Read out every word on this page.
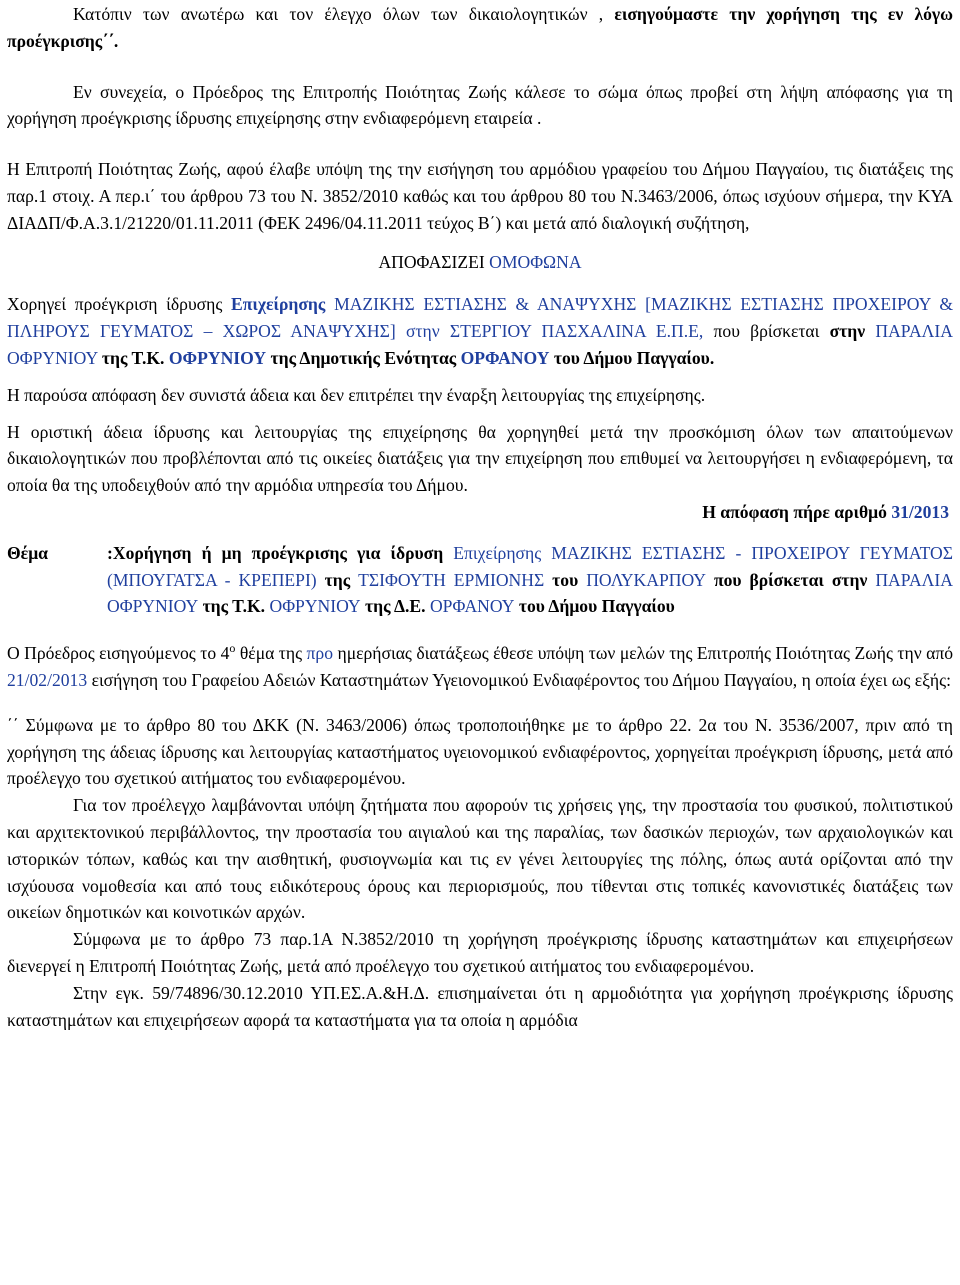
Κατόπιν των ανωτέρω και τον έλεγχο όλων των δικαιολογητικών , εισηγούμαστε την χορήγηση της εν λόγω προέγκρισης΄΄.

Εν συνεχεία, ο Πρόεδρος της Επιτροπής Ποιότητας Ζωής κάλεσε το σώμα όπως προβεί στη λήψη απόφασης για τη χορήγηση προέγκρισης ίδρυσης επιχείρησης στην ενδιαφερόμενη εταιρεία .

Η Επιτροπή Ποιότητας Ζωής, αφού έλαβε υπόψη της την εισήγηση του αρμόδιου γραφείου του Δήμου Παγγαίου, τις διατάξεις της παρ.1 στοιχ. Α περ.ι΄ του άρθρου 73 του Ν. 3852/2010 καθώς και του άρθρου 80 του Ν.3463/2006, όπως ισχύουν σήμερα, την ΚΥΑ ΔΙΑΔΠ/Φ.Α.3.1/21220/01.11.2011 (ΦΕΚ 2496/04.11.2011 τεύχος Β΄) και μετά από διαλογική συζήτηση,

ΑΠΟΦΑΣΙΖΕΙ ΟΜΟΦΩΝΑ

Χορηγεί προέγκριση ίδρυσης Επιχείρησης ΜΑΖΙΚΗΣ ΕΣΤΙΑΣΗΣ & ΑΝΑΨΥΧΗΣ [ΜΑΖΙΚΗΣ ΕΣΤΙΑΣΗΣ ΠΡΟΧΕΙΡΟΥ & ΠΛΗΡΟΥΣ ΓΕΥΜΑΤΟΣ – ΧΩΡΟΣ ΑΝΑΨΥΧΗΣ] στην ΣΤΕΡΓΙΟΥ ΠΑΣΧΑΛΙΝΑ Ε.Π.Ε, που βρίσκεται στην ΠΑΡΑΛΙΑ ΟΦΡΥΝΙΟΥ της Τ.Κ. ΟΦΡΥΝΙΟΥ της Δημοτικής Ενότητας ΟΡΦΑΝΟΥ του Δήμου Παγγαίου.

Η παρούσα απόφαση δεν συνιστά άδεια και δεν επιτρέπει την έναρξη λειτουργίας της επιχείρησης.

Η οριστική άδεια ίδρυσης και λειτουργίας της επιχείρησης θα χορηγηθεί μετά την προσκόμιση όλων των απαιτούμενων δικαιολογητικών που προβλέπονται από τις οικείες διατάξεις για την επιχείρηση που επιθυμεί να λειτουργήσει η ενδιαφερόμενη, τα οποία θα της υποδειχθούν από την αρμόδια υπηρεσία του Δήμου.

Η απόφαση πήρε αριθμό 31/2013

Θέμα	:Χορήγηση ή μη προέγκρισης για ίδρυση Επιχείρησης ΜΑΖΙΚΗΣ ΕΣΤΙΑΣΗΣ - ΠΡΟΧΕΙΡΟΥ ΓΕΥΜΑΤΟΣ (ΜΠΟΥΓΑΤΣΑ - ΚΡΕΠΕΡΙ) της ΤΣΙΦΟΥΤΗ ΕΡΜΙΟΝΗΣ του ΠΟΛΥΚΑΡΠΟΥ που βρίσκεται στην ΠΑΡΑΛΙΑ ΟΦΡΥΝΙΟΥ της Τ.Κ. ΟΦΡΥΝΙΟΥ της Δ.Ε. ΟΡΦΑΝΟΥ του Δήμου Παγγαίου

Ο Πρόεδρος εισηγούμενος το $4^o$ θέμα της προ ημερήσιας διατάξεως έθεσε υπόψη των μελών της Επιτροπής Ποιότητας Ζωής την από 21/02/2013 εισήγηση του Γραφείου Αδειών Καταστημάτων Υγειονομικού Ενδιαφέροντος του Δήμου Παγγαίου, η οποία έχει ως εξής:

΄΄ Σύμφωνα με το άρθρο 80 του ΔΚΚ (Ν. 3463/2006) όπως τροποποιήθηκε με το άρθρο 22. 2α του Ν. 3536/2007, πριν από τη χορήγηση της άδειας ίδρυσης και λειτουργίας καταστήματος υγειονομικού ενδιαφέροντος, χορηγείται προέγκριση ίδρυσης, μετά από προέλεγχο του σχετικού αιτήματος του ενδιαφερομένου.

Για τον προέλεγχο λαμβάνονται υπόψη ζητήματα που αφορούν τις χρήσεις γης, την προστασία του φυσικού, πολιτιστικού και αρχιτεκτονικού περιβάλλοντος, την προστασία του αιγιαλού και της παραλίας, των δασικών περιοχών, των αρχαιολογικών και ιστορικών τόπων, καθώς και την αισθητική, φυσιογνωμία και τις εν γένει λειτουργίες της πόλης, όπως αυτά ορίζονται από την ισχύουσα νομοθεσία και από τους ειδικότερους όρους και περιορισμούς, που τίθενται στις τοπικές κανονιστικές διατάξεις των οικείων δημοτικών και κοινοτικών αρχών.

Σύμφωνα με το άρθρο 73 παρ.1Α Ν.3852/2010 τη χορήγηση προέγκρισης ίδρυσης καταστημάτων και επιχειρήσεων διενεργεί η Επιτροπή Ποιότητας Ζωής, μετά από προέλεγχο του σχετικού αιτήματος του ενδιαφερομένου.

Στην εγκ. 59/74896/30.12.2010 ΥΠ.ΕΣ.Α.&Η.Δ. επισημαίνεται ότι η αρμοδιότητα για χορήγηση προέγκρισης ίδρυσης καταστημάτων και επιχειρήσεων αφορά τα καταστήματα για τα οποία η αρμόδια
